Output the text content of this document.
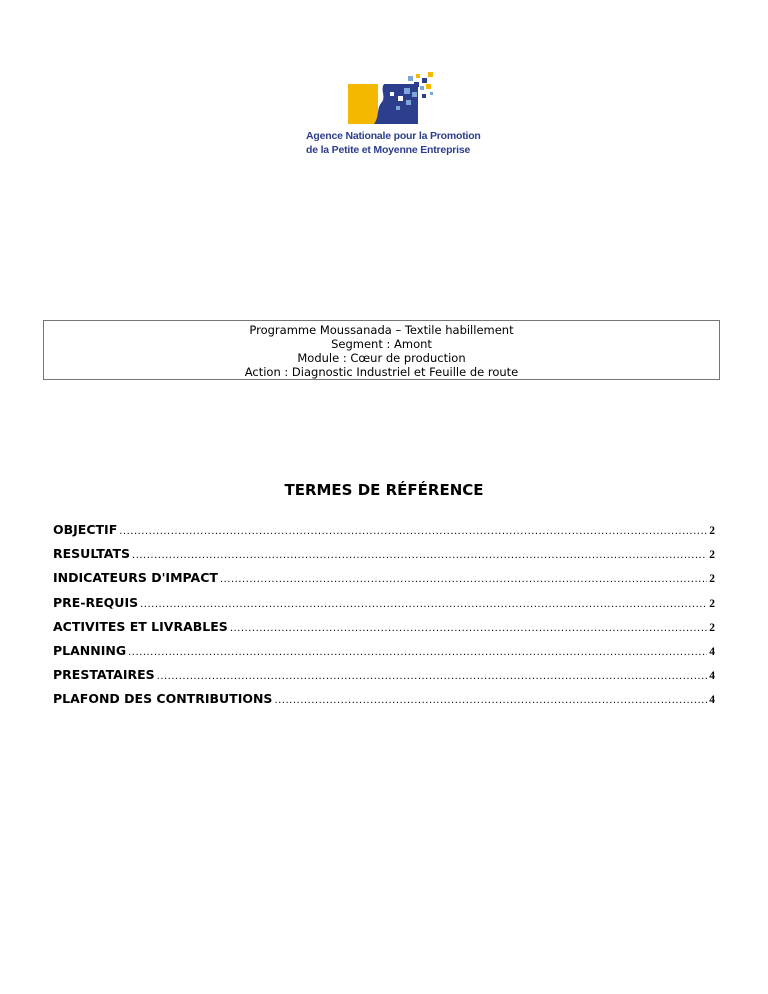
Agence Nationale pour la Promotion
de la Petite et Moyenne Entreprise
Programme Moussanada – Textile habillement
Segment : Amont
Module : Cœur de production
Action : Diagnostic Industriel et Feuille de route
TERMES DE RÉFÉRENCE
OBJECTIF .....	2
RESULTATS .....	2
INDICATEURS D'IMPACT .....	2
PRE-REQUIS .....	2
ACTIVITES ET LIVRABLES .....	2
PLANNING .....	4
PRESTATAIRES .....	4
PLAFOND DES CONTRIBUTIONS .....	4
